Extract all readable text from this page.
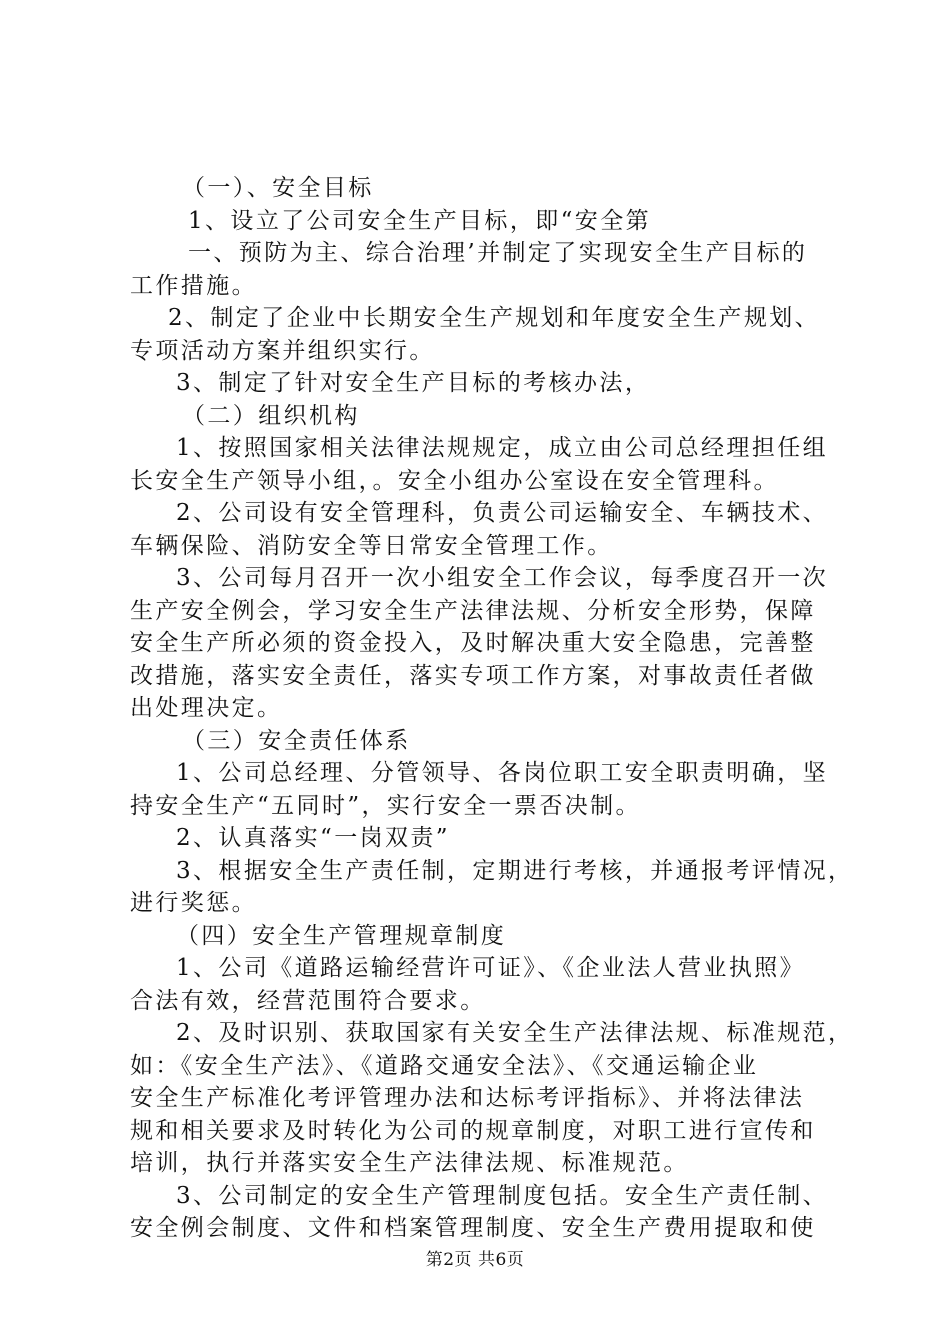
（一）、安全目标
1、设立了公司安全生产目标，即“安全第
一、预防为主、综合治理’并制定了实现安全生产目标的
工作措施。
2、制定了企业中长期安全生产规划和年度安全生产规划、
专项活动方案并组织实行。
3、制定了针对安全生产目标的考核办法，
（二）组织机构
1、按照国家相关法律法规规定，成立由公司总经理担任组
长安全生产领导小组，。安全小组办公室设在安全管理科。
2、公司设有安全管理科，负责公司运输安全、车辆技术、
车辆保险、消防安全等日常安全管理工作。
3、公司每月召开一次小组安全工作会议，每季度召开一次
生产安全例会，学习安全生产法律法规、分析安全形势，保障
安全生产所必须的资金投入，及时解决重大安全隐患，完善整
改措施，落实安全责任，落实专项工作方案，对事故责任者做
出处理决定。
（三）安全责任体系
1、公司总经理、分管领导、各岗位职工安全职责明确，坚
持安全生产“五同时”，实行安全一票否决制。
2、认真落实“一岗双责”
3、根据安全生产责任制，定期进行考核，并通报考评情况，
进行奖惩。
（四）安全生产管理规章制度
1、公司《道路运输经营许可证》、《企业法人营业执照》
合法有效，经营范围符合要求。
2、及时识别、获取国家有关安全生产法律法规、标准规范，
如：《安全生产法》、《道路交通安全法》、《交通运输企业
安全生产标准化考评管理办法和达标考评指标》、并将法律法
规和相关要求及时转化为公司的规章制度，对职工进行宣传和
培训，执行并落实安全生产法律法规、标准规范。
3、公司制定的安全生产管理制度包括。安全生产责任制、
安全例会制度、文件和档案管理制度、安全生产费用提取和使
第2页 共6页
